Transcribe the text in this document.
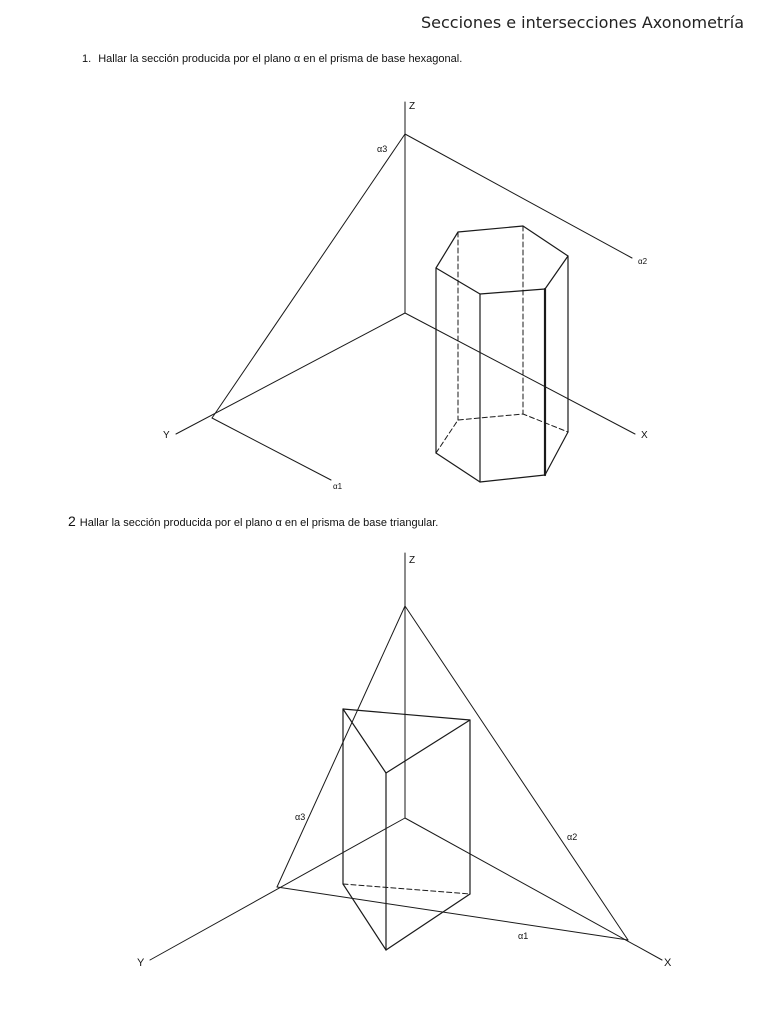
Secciones e intersecciones Axonometría
1. Hallar la sección producida por el plano α en el prisma de base hexagonal.
Z
α3
α2
Y	X
α1
2 Hallar la sección producida por el plano α en el prisma de base triangular.
Z
α3
α2
α1
Y	X
